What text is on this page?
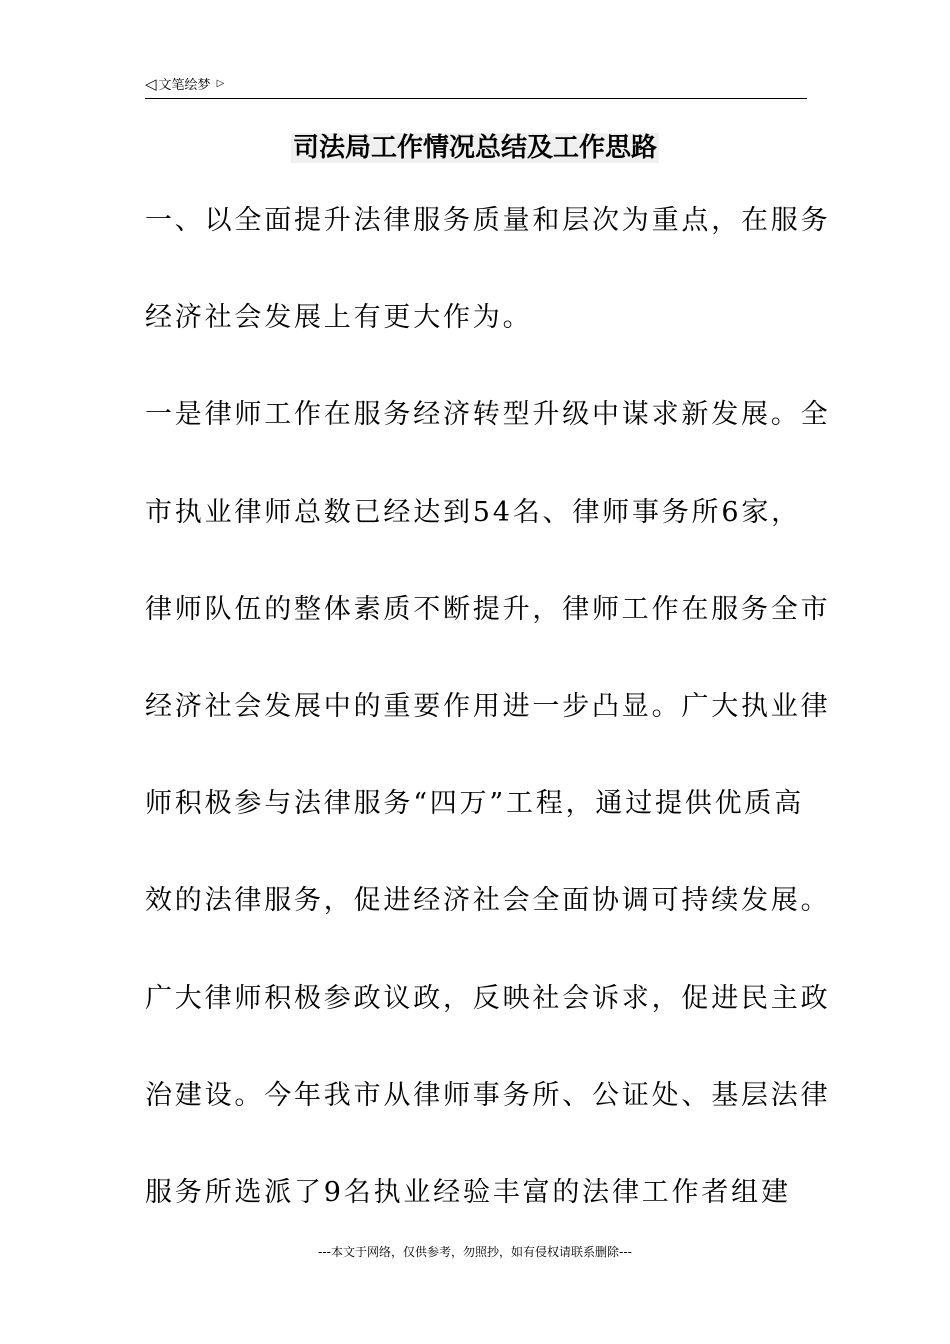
◁ 文笔绘梦 ▷
司法局工作情况总结及工作思路
一、以全面提升法律服务质量和层次为重点，在服务
经济社会发展上有更大作为。
一是律师工作在服务经济转型升级中谋求新发展。全
市执业律师总数已经达到54名、律师事务所6家，
律师队伍的整体素质不断提升，律师工作在服务全市
经济社会发展中的重要作用进一步凸显。广大执业律
师积极参与法律服务“四万”工程，通过提供优质高
效的法律服务，促进经济社会全面协调可持续发展。
广大律师积极参政议政，反映社会诉求，促进民主政
治建设。今年我市从律师事务所、公证处、基层法律
服务所选派了9名执业经验丰富的法律工作者组建
---本文于网络，仅供参考，勿照抄，如有侵权请联系删除---
